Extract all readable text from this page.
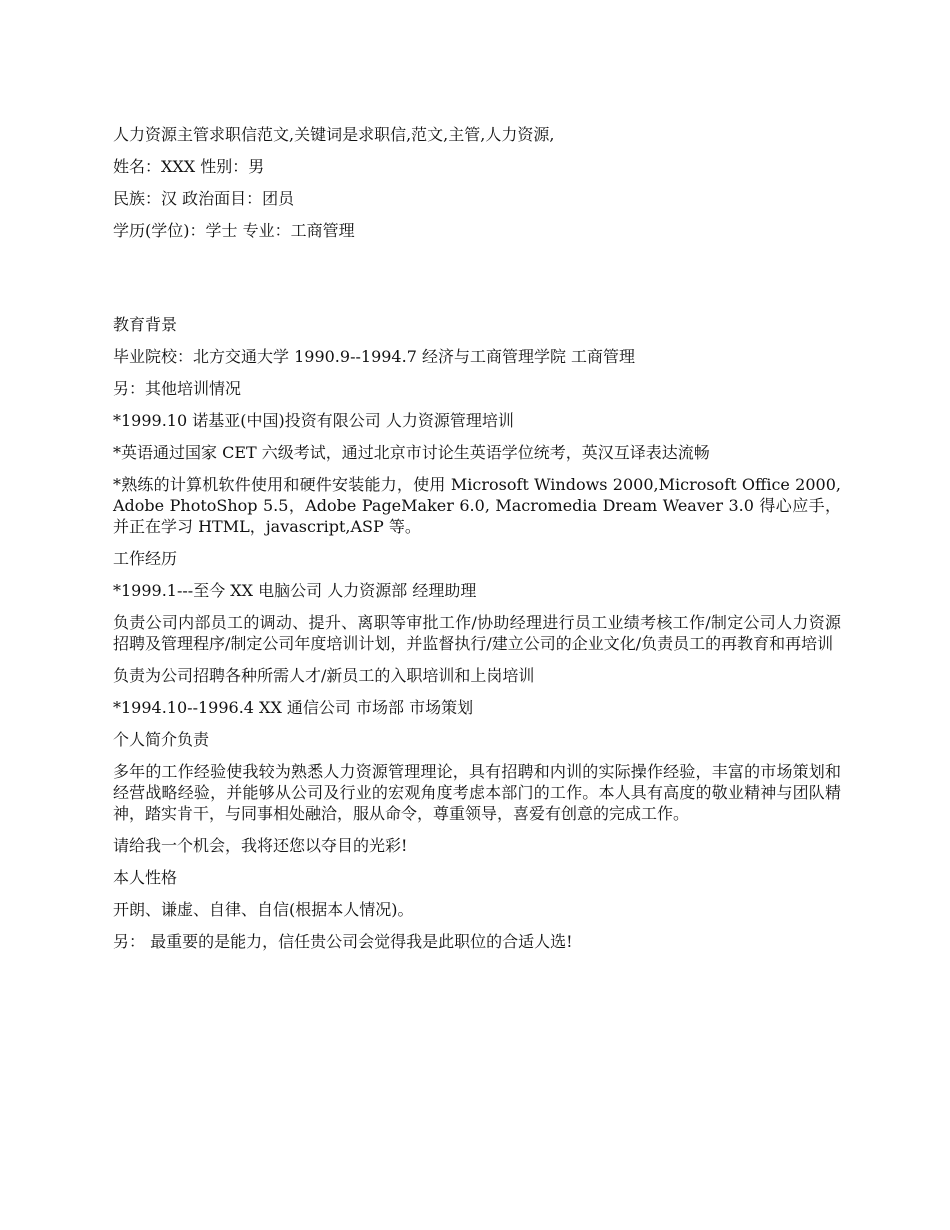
人力资源主管求职信范文,关键词是求职信,范文,主管,人力资源,

姓名：XXX 性别：男

民族：汉 政治面目：团员

学历(学位)：学士 专业：工商管理

教育背景

毕业院校：北方交通大学 1990.9--1994.7 经济与工商管理学院 工商管理

另：其他培训情况

*1999.10 诺基亚(中国)投资有限公司 人力资源管理培训

*英语通过国家 CET 六级考试，通过北京市讨论生英语学位统考，英汉互译表达流畅

*熟练的计算机软件使用和硬件安装能力，使用 Microsoft Windows 2000,Microsoft Office 2000,Adobe PhotoShop 5.5，Adobe PageMaker 6.0, Macromedia Dream Weaver 3.0 得心应手，并正在学习 HTML，javascript,ASP 等。

工作经历

*1999.1---至今 XX 电脑公司 人力资源部 经理助理

负责公司内部员工的调动、提升、离职等审批工作/协助经理进行员工业绩考核工作/制定公司人力资源招聘及管理程序/制定公司年度培训计划，并监督执行/建立公司的企业文化/负责员工的再教育和再培训

负责为公司招聘各种所需人才/新员工的入职培训和上岗培训

*1994.10--1996.4 XX 通信公司 市场部 市场策划

个人简介负责

多年的工作经验使我较为熟悉人力资源管理理论，具有招聘和内训的实际操作经验，丰富的市场策划和经营战略经验，并能够从公司及行业的宏观角度考虑本部门的工作。本人具有高度的敬业精神与团队精神，踏实肯干，与同事相处融洽，服从命令，尊重领导，喜爱有创意的完成工作。

请给我一个机会，我将还您以夺目的光彩!

本人性格

开朗、谦虚、自律、自信(根据本人情况)。

另： 最重要的是能力，信任贵公司会觉得我是此职位的合适人选!
